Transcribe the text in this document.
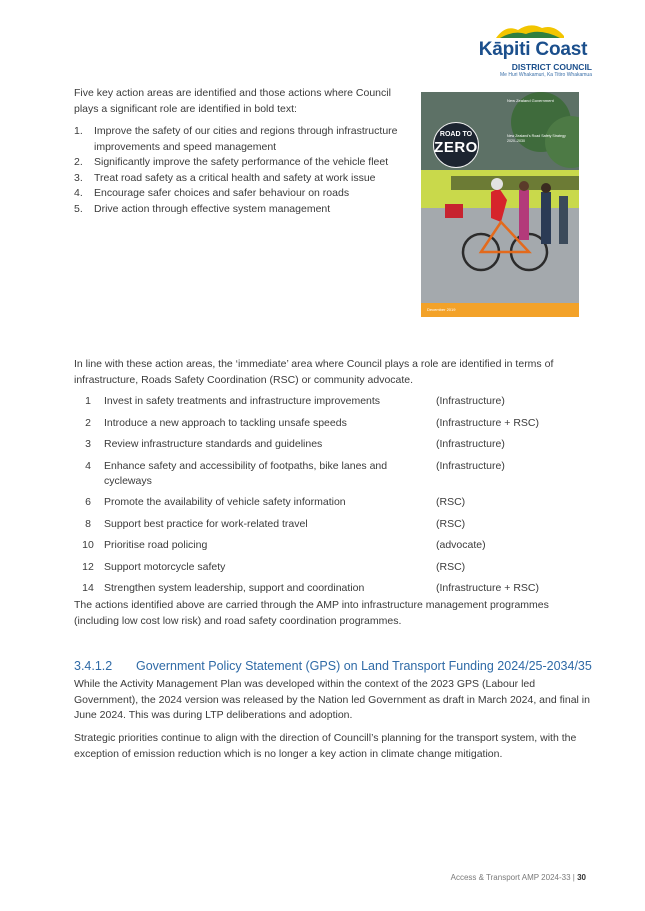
Kāpiti Coast
DISTRICT COUNCIL
Me Huri Whakamuri, Ka Titiro Whakamua
Five key action areas are identified and those actions where Council plays a significant role are identified in bold text:
1. Improve the safety of our cities and regions through infrastructure improvements and speed management
2. Significantly improve the safety performance of the vehicle fleet
3. Treat road safety as a critical health and safety at work issue
4. Encourage safer choices and safer behaviour on roads
5. Drive action through effective system management
New Zealand Government
New Zealand's Road Safety Strategy 2020–2030
ROAD TO
ZERO
December 2019
In line with these action areas, the ‘immediate’ area where Council plays a role are identified in terms of infrastructure, Roads Safety Coordination (RSC) or community advocate.
1	Invest in safety treatments and infrastructure improvements	(Infrastructure)
2	Introduce a new approach to tackling unsafe speeds	(Infrastructure + RSC)
3	Review infrastructure standards and guidelines	(Infrastructure)
4	Enhance safety and accessibility of footpaths, bike lanes and cycleways	(Infrastructure)
6	Promote the availability of vehicle safety information	(RSC)
8	Support best practice for work-related travel	(RSC)
10	Prioritise road policing	(advocate)
12	Support motorcycle safety	(RSC)
14	Strengthen system leadership, support and coordination	(Infrastructure + RSC)
The actions identified above are carried through the AMP into infrastructure management programmes (including low cost low risk) and road safety coordination programmes.
3.4.1.2 Government Policy Statement (GPS) on Land Transport Funding 2024/25-2034/35
While the Activity Management Plan was developed within the context of the 2023 GPS (Labour led Government), the 2024 version was released by the Nation led Government as draft in March 2024, and final in June 2024. This was during LTP deliberations and adoption.
Strategic priorities continue to align with the direction of Councill’s planning for the transport system, with the exception of emission reduction which is no longer a key action in climate change mitigation.
Access & Transport AMP 2024-33 | 30
